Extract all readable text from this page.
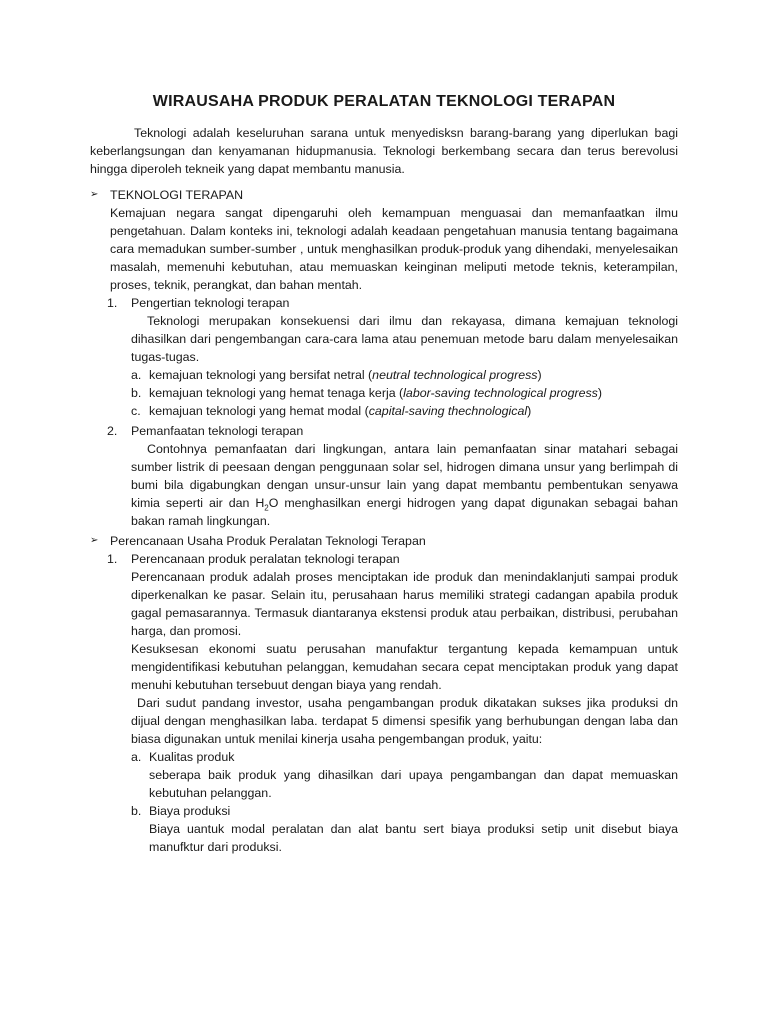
WIRAUSAHA PRODUK PERALATAN TEKNOLOGI TERAPAN

Teknologi adalah keseluruhan sarana untuk menyedisksn barang-barang yang diperlukan bagi keberlangsungan dan kenyamanan hidupmanusia. Teknologi berkembang secara dan terus berevolusi hingga diperoleh tekneik yang dapat membantu manusia.

➢ TEKNOLOGI TERAPAN

Kemajuan negara sangat dipengaruhi oleh kemampuan menguasai dan memanfaatkan ilmu pengetahuan. Dalam konteks ini, teknologi adalah keadaan pengetahuan manusia tentang bagaimana cara memadukan sumber-sumber , untuk menghasilkan produk-produk yang dihendaki, menyelesaikan masalah, memenuhi kebutuhan, atau memuaskan keinginan meliputi metode teknis, keterampilan, proses, teknik, perangkat, dan bahan mentah.

1.	Pengertian teknologi terapan

Teknologi merupakan konsekuensi dari ilmu dan rekayasa, dimana kemajuan teknologi dihasilkan dari pengembangan cara-cara lama atau penemuan metode baru dalam menyelesaikan tugas-tugas.

a. kemajuan teknologi yang bersifat netral (neutral technological progress)
b. kemajuan teknologi yang hemat tenaga kerja (labor-saving technological progress)
c. kemajuan teknologi yang hemat modal (capital-saving thechnological)
2.	Pemanfaatan teknologi terapan

Contohnya pemanfaatan dari lingkungan, antara lain pemanfaatan sinar matahari sebagai sumber listrik di peesaan dengan penggunaan solar sel, hidrogen dimana unsur yang berlimpah di bumi bila digabungkan dengan unsur-unsur lain yang dapat membantu pembentukan senyawa kimia seperti air dan $H_2O$ menghasilkan energi hidrogen yang dapat digunakan sebagai bahan bakan ramah lingkungan.

➢ Perencanaan Usaha Produk Peralatan Teknologi Terapan
1.	Perencanaan produk peralatan teknologi terapan

Perencanaan produk adalah proses menciptakan ide produk dan menindaklanjuti sampai produk diperkenalkan ke pasar. Selain itu, perusahaan harus memiliki strategi cadangan apabila produk gagal pemasarannya. Termasuk diantaranya ekstensi produk atau perbaikan, distribusi, perubahan harga, dan promosi.

Kesuksesan ekonomi suatu perusahan manufaktur tergantung kepada kemampuan untuk mengidentifikasi kebutuhan pelanggan, kemudahan secara cepat menciptakan produk yang dapat menuhi kebutuhan tersebuut dengan biaya yang rendah.

Dari sudut pandang investor, usaha pengambangan produk dikatakan sukses jika produksi dn dijual dengan menghasilkan laba. terdapat 5 dimensi spesifik yang berhubungan dengan laba dan biasa digunakan untuk menilai kinerja usaha pengembangan produk, yaitu:

a. Kualitas produk

seberapa baik produk yang dihasilkan dari upaya pengambangan dan dapat memuaskan kebutuhan pelanggan.

b. Biaya produksi

Biaya uantuk modal peralatan dan alat bantu sert biaya produksi setip unit disebut biaya manufktur dari produksi.
